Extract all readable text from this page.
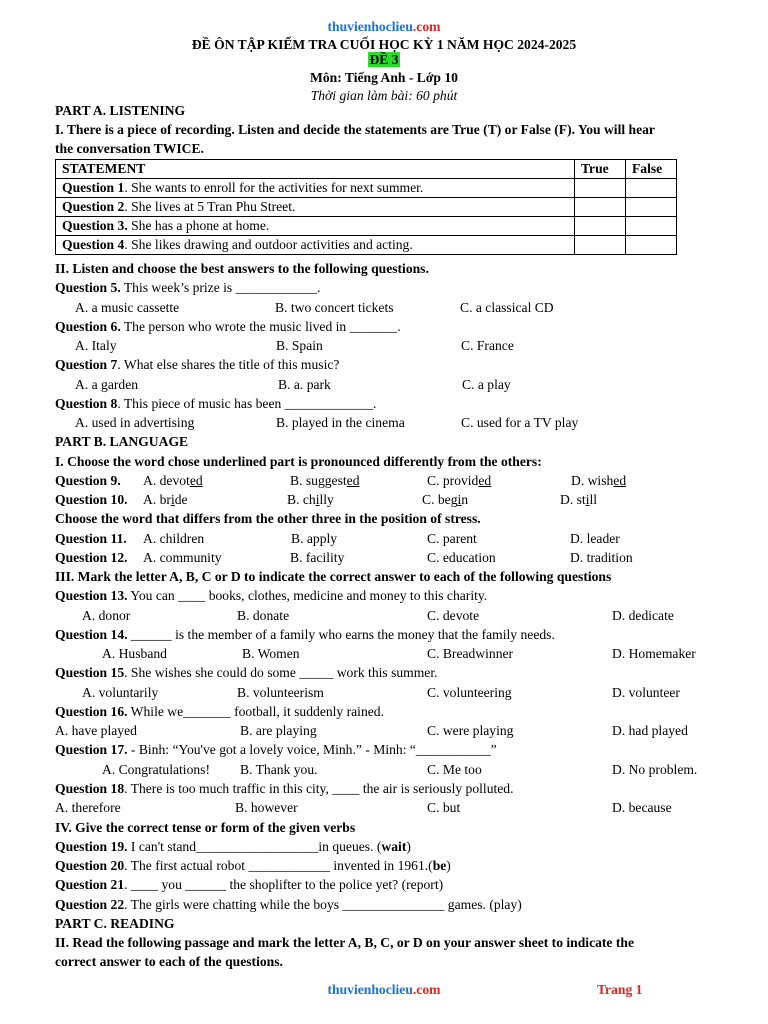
thuvienhoclieu.com
ĐỀ ÔN TẬP KIỂM TRA CUỐI HỌC KỲ 1 NĂM HỌC 2024-2025
ĐỀ 3
Môn: Tiếng Anh - Lớp 10
Thời gian làm bài: 60 phút
PART A. LISTENING
I. There is a piece of recording. Listen and decide the statements are True (T) or False (F). You will hear
the conversation TWICE.
STATEMENT	True	False
Question 1. She wants to enroll for the activities for next summer.		
Question 2. She lives at 5 Tran Phu Street.		
Question 3. She has a phone at home.		
Question 4. She likes drawing and outdoor activities and acting.		
II. Listen and choose the best answers to the following questions.
Question 5. This week’s prize is ____________.
A. a music cassette	B. two concert tickets	C. a classical CD
Question 6. The person who wrote the music lived in _______.
A. Italy	B. Spain	C. France
Question 7. What else shares the title of this music?
A. a garden	B. a. park	C. a play
Question 8. This piece of music has been _____________.
A. used in advertising	B. played in the cinema	C. used for a TV play
PART B. LANGUAGE
I. Choose the word chose underlined part is pronounced differently from the others:
Question 9. A. devoted	B. suggested	C. provided	D. wished
Question 10. A. bride	B. chilly	C. begin	D. still
Choose the word that differs from the other three in the position of stress.
Question 11. A. children	B. apply	C. parent	D. leader
Question 12. A. community	B. facility	C. education	D. tradition
III. Mark the letter A, B, C or D to indicate the correct answer to each of the following questions
Question 13. You can ____ books, clothes, medicine and money to this charity.
A. donor	B. donate	C. devote	D. dedicate
Question 14. ______ is the member of a family who earns the money that the family needs.
A. Husband	B. Women	C. Breadwinner	D. Homemaker
Question 15. She wishes she could do some _____ work this summer.
A. voluntarily	B. volunteerism	C. volunteering	D. volunteer
Question 16. While we_______ football, it suddenly rained.
A. have played	B. are playing	C. were playing	D. had played
Question 17. - Binh: “You've got a lovely voice, Minh.” - Minh: “___________”
A. Congratulations! B. Thank you.	C. Me too	D. No problem.
Question 18. There is too much traffic in this city, ____ the air is seriously polluted.
A. therefore	B. however	C. but	D. because
IV. Give the correct tense or form of the given verbs
Question 19. I can't stand__________________in queues. (wait)
Question 20. The first actual robot ____________ invented in 1961.(be)
Question 21. ____ you ______ the shoplifter to the police yet? (report)
Question 22. The girls were chatting while the boys _______________ games. (play)
PART C. READING
II. Read the following passage and mark the letter A, B, C, or D on your answer sheet to indicate the
correct answer to each of the questions.
thuvienhoclieu.com	Trang 1
